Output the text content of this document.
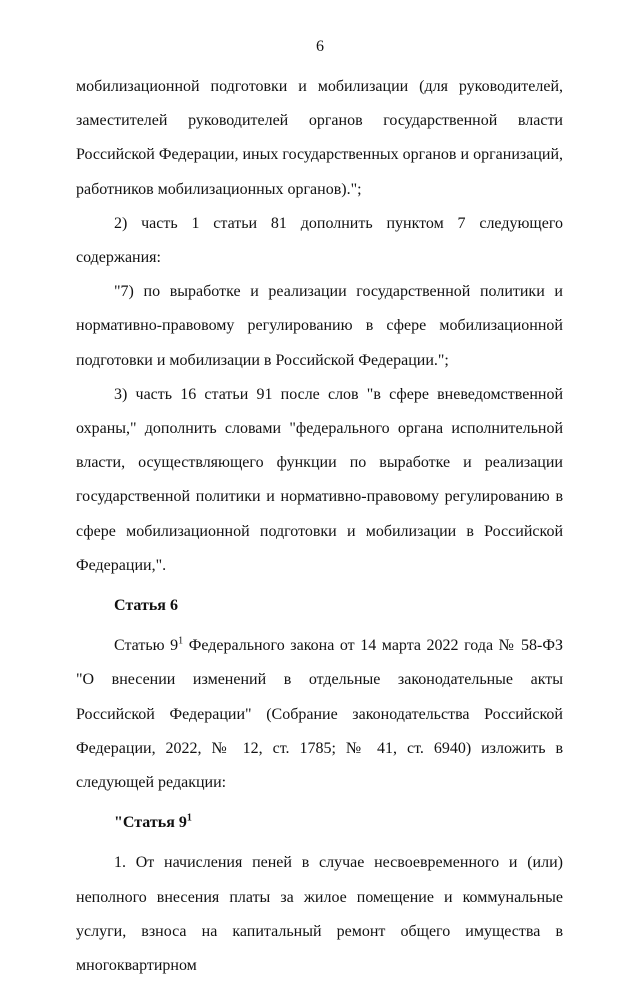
6

мобилизационной подготовки и мобилизации (для руководителей, заместителей руководителей органов государственной власти Российской Федерации, иных государственных органов и организаций, работников мобилизационных органов).";

2) часть 1 статьи 81 дополнить пунктом 7 следующего содержания:

"7) по выработке и реализации государственной политики и нормативно-правовому регулированию в сфере мобилизационной подготовки и мобилизации в Российской Федерации.";

3) часть 16 статьи 91 после слов "в сфере вневедомственной охраны," дополнить словами "федерального органа исполнительной власти, осуществляющего функции по выработке и реализации государственной политики и нормативно-правовому регулированию в сфере мобилизационной подготовки и мобилизации в Российской Федерации,".

Статья 6

Статью $9^1$ Федерального закона от 14 марта 2022 года № 58-ФЗ "О внесении изменений в отдельные законодательные акты Российской Федерации" (Собрание законодательства Российской Федерации, 2022, № 12, ст. 1785; № 41, ст. 6940) изложить в следующей редакции:

"Статья $9^1$

1. От начисления пеней в случае несвоевременного и (или) неполного внесения платы за жилое помещение и коммунальные услуги, взноса на капитальный ремонт общего имущества в многоквартирном
